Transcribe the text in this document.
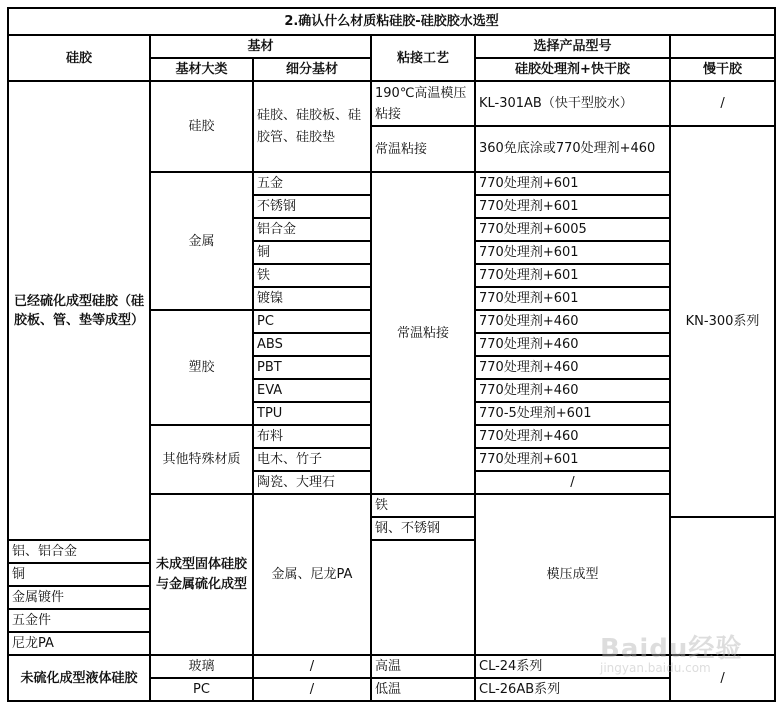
2.确认什么材质粘硅胶-硅胶胶水选型						
硅胶	基材		粘接工艺	选择产品型号		
	基材大类	细分基材		硅胶处理剂+快干胶	慢干胶	
已经硫化成型硅胶（硅胶板、管、垫等成型）	硅胶	硅胶、硅胶板、硅胶管、硅胶垫	190℃高温模压粘接	KL-301AB（快干型胶水）	/	
			常温粘接	360免底涂或770处理剂+460	KN-300系列	
	金属	五金	常温粘接	770处理剂+601		
		不锈钢		770处理剂+601		
		铝合金		770处理剂+6005		
		铜		770处理剂+601		
		铁		770处理剂+601		
		镀镍		770处理剂+601		
	塑胶	PC		770处理剂+460		
		ABS		770处理剂+460		
		PBT		770处理剂+460		
		EVA		770处理剂+460		
		TPU		770-5处理剂+601		
	其他特殊材质	布料		770处理剂+460		
		电木、竹子		770处理剂+601		
		陶瓷、大理石		/		
	未成型固体硅胶与金属硫化成型	金属、尼龙PA	铁	模压成型		
			钢、不锈钢			
铝、铝合金						
铜						
金属镀件						
五金件						
尼龙PA						
未硫化成型液体硅胶	玻璃	/	高温	CL-24系列	/	
	PC	/	低温	CL-26AB系列		
Baidu经验
jingyan.baidu.com
